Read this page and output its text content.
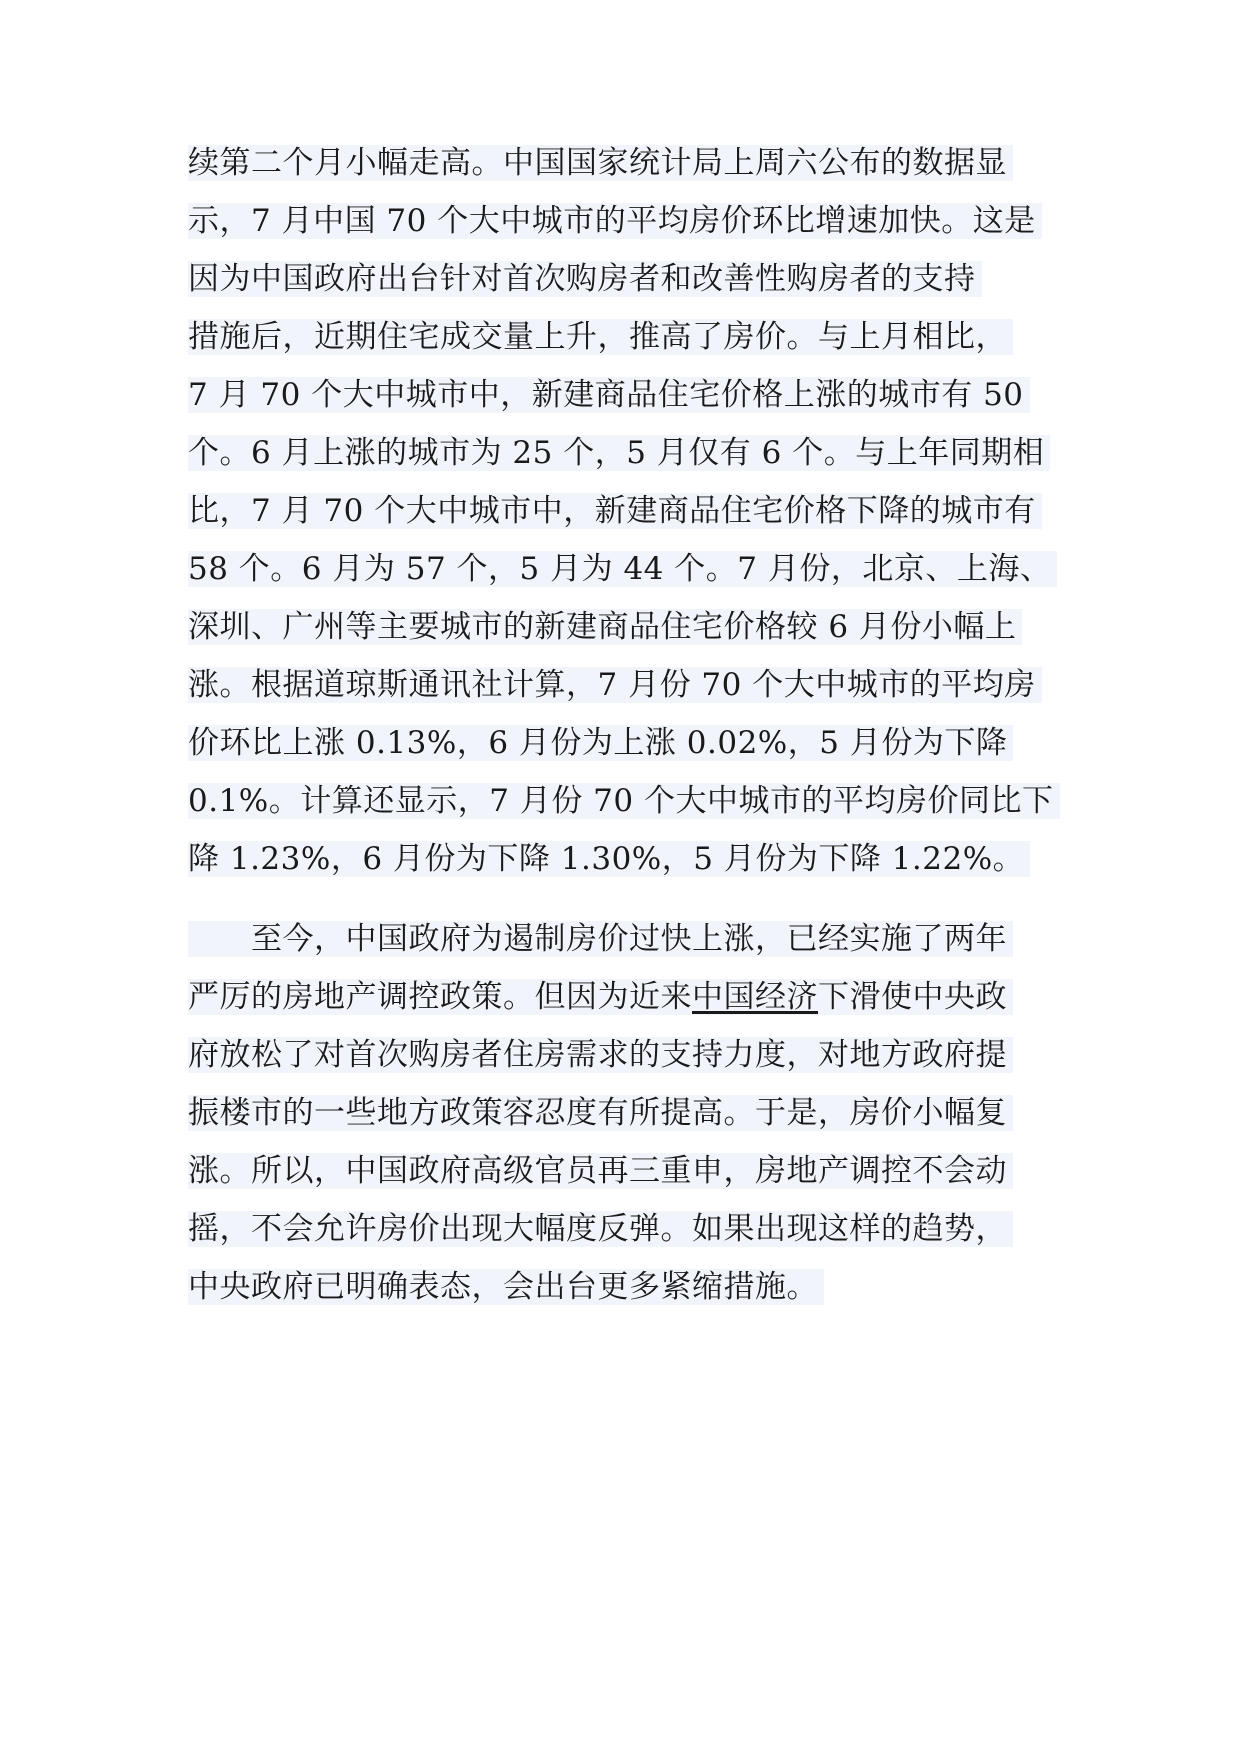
续第二个月小幅走高。中国国家统计局上周六公布的数据显
示，7 月中国 70 个大中城市的平均房价环比增速加快。这是
因为中国政府出台针对首次购房者和改善性购房者的支持
措施后，近期住宅成交量上升，推高了房价。与上月相比，
7 月 70 个大中城市中，新建商品住宅价格上涨的城市有 50
个。6 月上涨的城市为 25 个，5 月仅有 6 个。与上年同期相
比，7 月 70 个大中城市中，新建商品住宅价格下降的城市有
58 个。6 月为 57 个，5 月为 44 个。7 月份，北京、上海、
深圳、广州等主要城市的新建商品住宅价格较 6 月份小幅上
涨。根据道琼斯通讯社计算，7 月份 70 个大中城市的平均房
价环比上涨 0.13%，6 月份为上涨 0.02%，5 月份为下降
0.1%。计算还显示，7 月份 70 个大中城市的平均房价同比下
降 1.23%，6 月份为下降 1.30%，5 月份为下降 1.22%。
　　至今，中国政府为遏制房价过快上涨，已经实施了两年
严厉的房地产调控政策。但因为近来中国经济下滑使中央政
府放松了对首次购房者住房需求的支持力度，对地方政府提
振楼市的一些地方政策容忍度有所提高。于是，房价小幅复
涨。所以，中国政府高级官员再三重申，房地产调控不会动
摇，不会允许房价出现大幅度反弹。如果出现这样的趋势，
中央政府已明确表态，会出台更多紧缩措施。
